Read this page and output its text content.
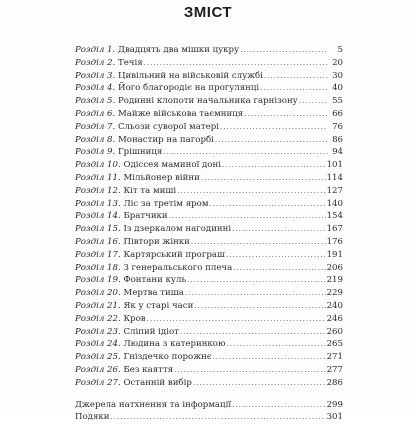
ЗМІСТ
Розділ 1. Двадцять два мішки цукру . . .	5
Розділ 2. Течія . . .	20
Розділ 3. Цивільний на військовій службі . . .	30
Розділ 4. Його благородіє на прогулянці . . .	40
Розділ 5. Родинні клопоти начальника гарнізону . . .	55
Розділ 6. Майже військова таємниця . . .	66
Розділ 7. Сльози суворої матері . . .	76
Розділ 8. Монастир на пагорбі . . .	86
Розділ 9. Грішниця . . .	94
Розділ 10. Одіссея маминої доні . . .	101
Розділ 11. Мільйонер війни . . .	114
Розділ 12. Кіт та миші . . .	127
Розділ 13. Ліс за третім яром . . .	140
Розділ 14. Братчики . . .	154
Розділ 15. Із дзеркалом нагодинні . . .	167
Розділ 16. Півтори жінки . . .	176
Розділ 17. Картярський програш . . .	191
Розділ 18. З генеральського плеча . . .	206
Розділ 19. Фонтани куль . . .	219
Розділ 20. Мертва тиша . . .	229
Розділ 21. Як у старі часи . . .	240
Розділ 22. Кров . . .	246
Розділ 23. Сліпий ідіот . . .	260
Розділ 24. Людина з катеринкою . . .	265
Розділ 25. Гніздечко порожнє . . .	271
Розділ 26. Без каяття . . .	277
Розділ 27. Останній вибір . . .	286
Джерела натхнення та інформації . . .	299
Подяки . . .	301
